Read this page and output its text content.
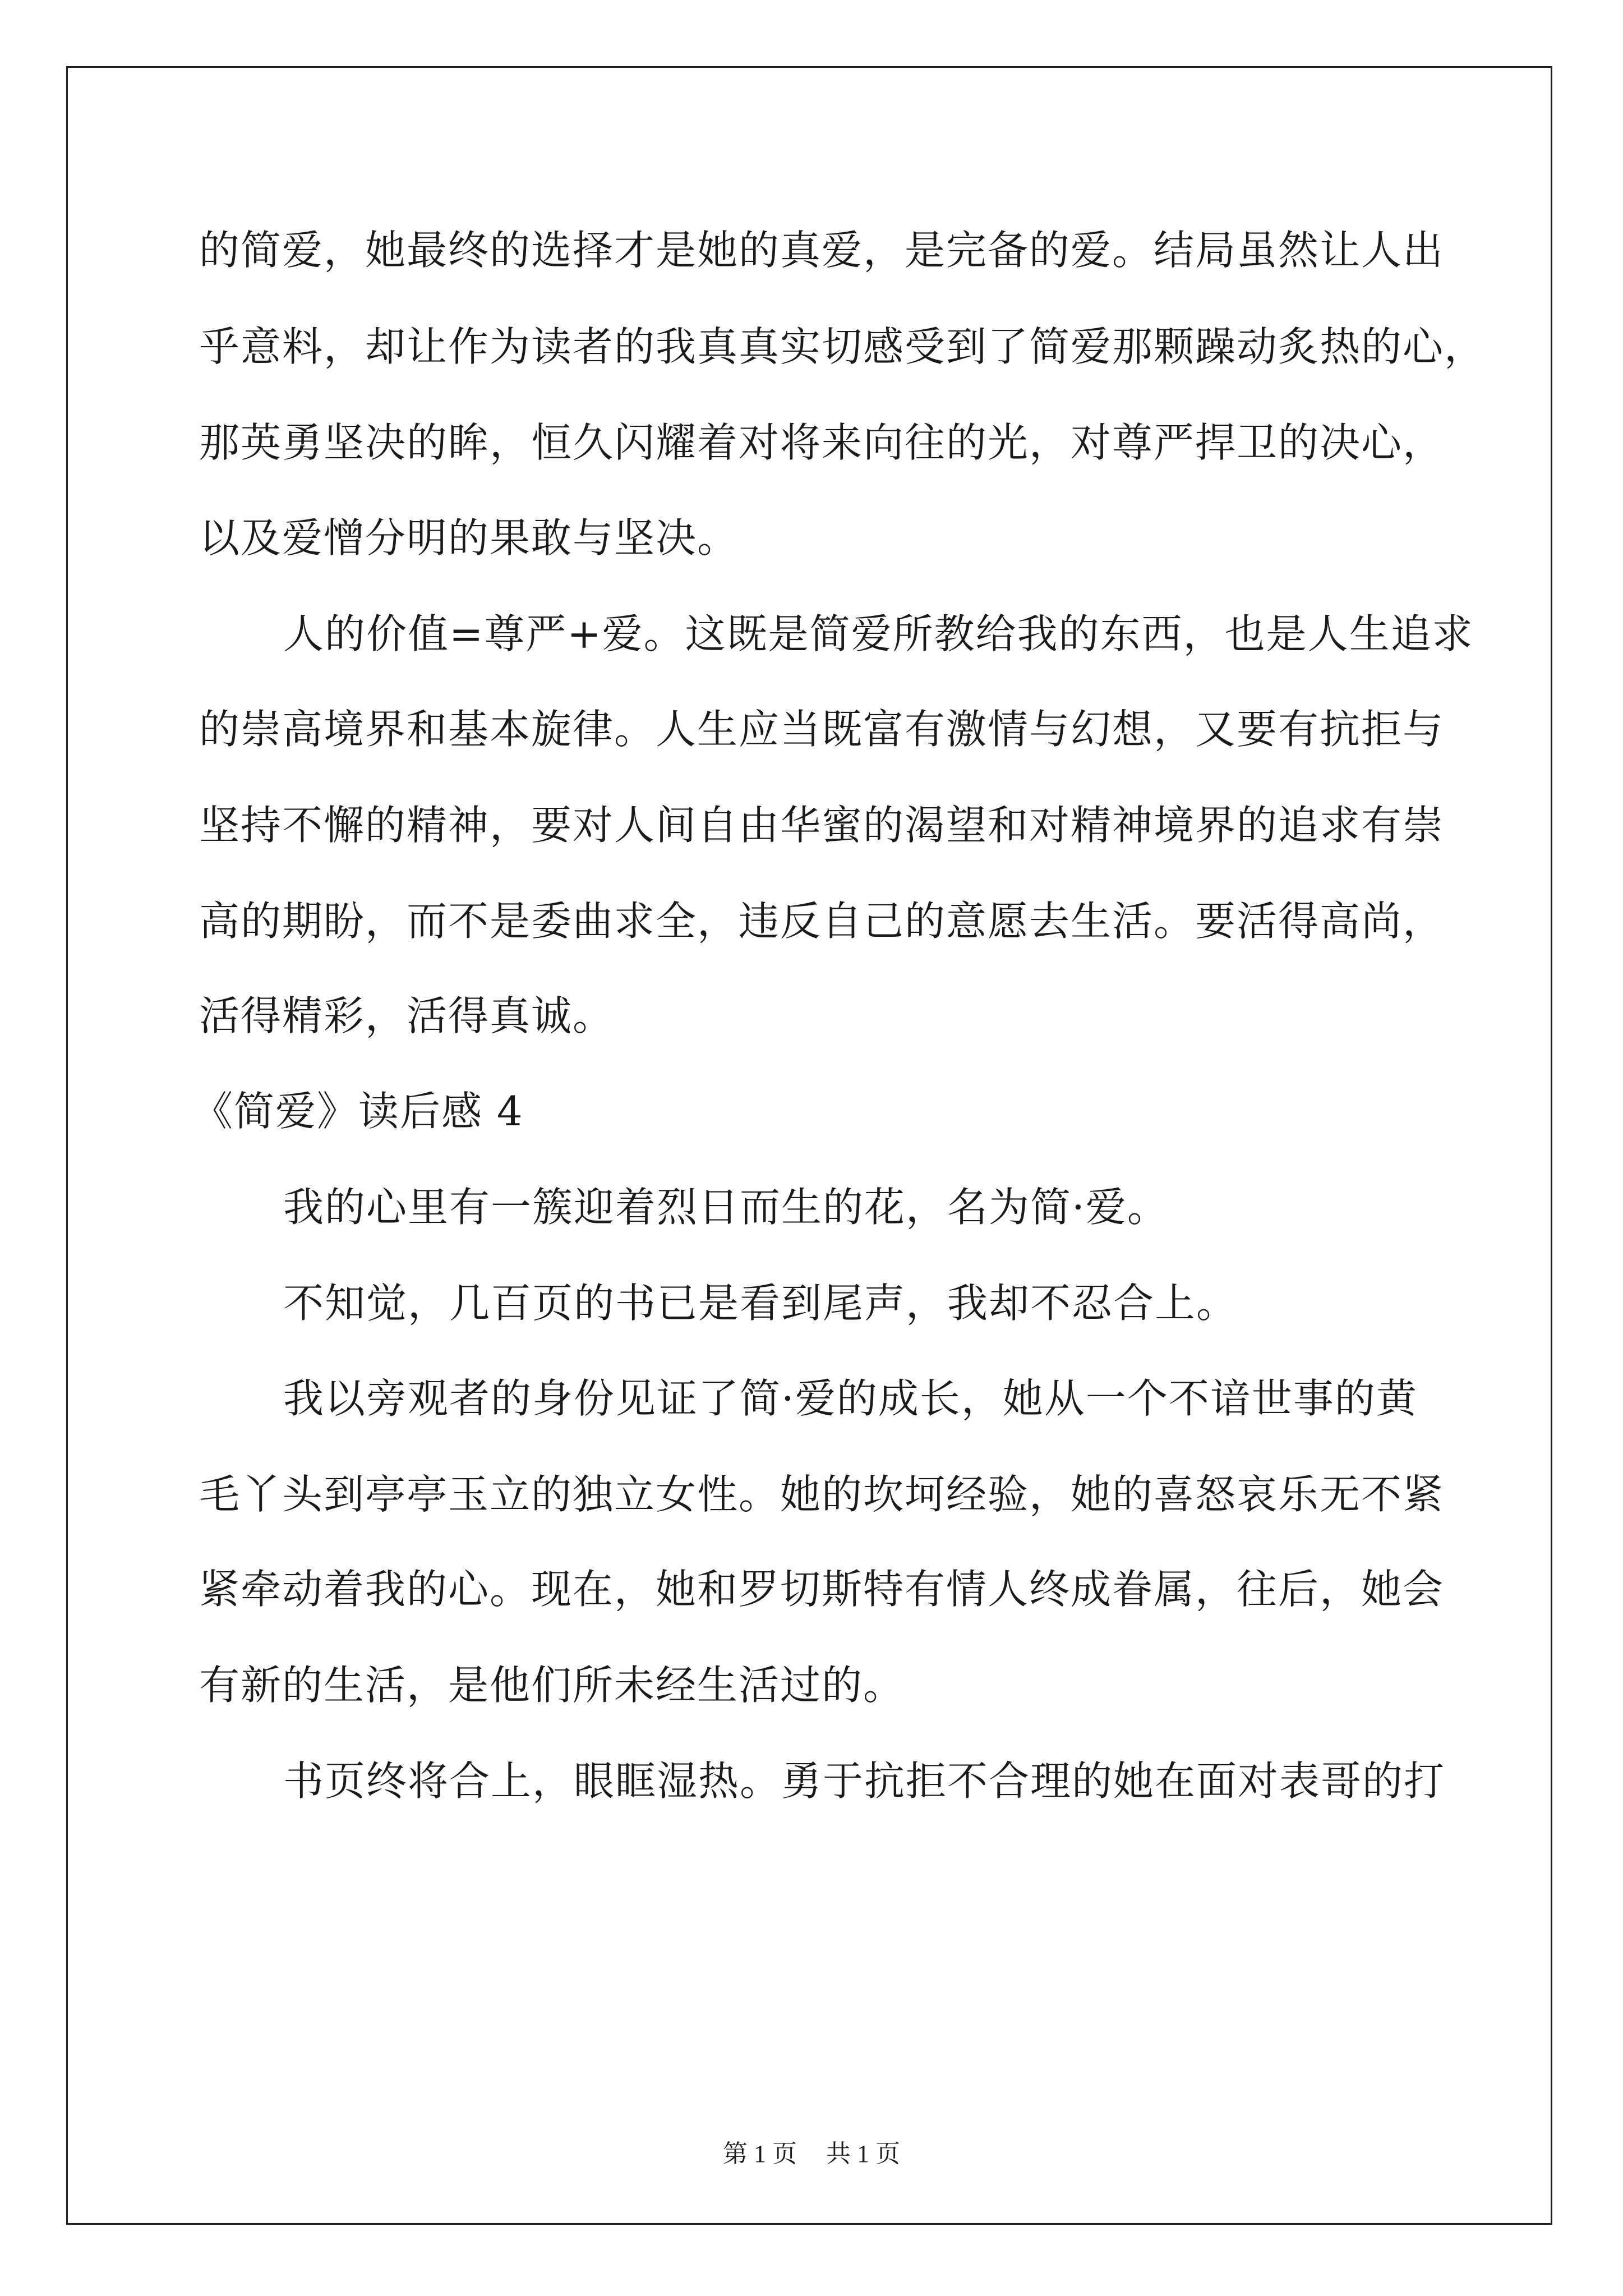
的简爱，她最终的选择才是她的真爱，是完备的爱。结局虽然让人出
乎意料，却让作为读者的我真真实切感受到了简爱那颗躁动炙热的心，
那英勇坚决的眸，恒久闪耀着对将来向往的光，对尊严捍卫的决心，
以及爱憎分明的果敢与坚决。
人的价值=尊严+爱。这既是简爱所教给我的东西，也是人生追求
的崇高境界和基本旋律。人生应当既富有激情与幻想，又要有抗拒与
坚持不懈的精神，要对人间自由华蜜的渴望和对精神境界的追求有崇
高的期盼，而不是委曲求全，违反自己的意愿去生活。要活得高尚，
活得精彩，活得真诚。
《简爱》读后感 4
我的心里有一簇迎着烈日而生的花，名为简·爱。
不知觉，几百页的书已是看到尾声，我却不忍合上。
我以旁观者的身份见证了简·爱的成长，她从一个不谙世事的黄
毛丫头到亭亭玉立的独立女性。她的坎坷经验，她的喜怒哀乐无不紧
紧牵动着我的心。现在，她和罗切斯特有情人终成眷属，往后，她会
有新的生活，是他们所未经生活过的。
书页终将合上，眼眶湿热。勇于抗拒不合理的她在面对表哥的打
第 1 页 共 1 页
